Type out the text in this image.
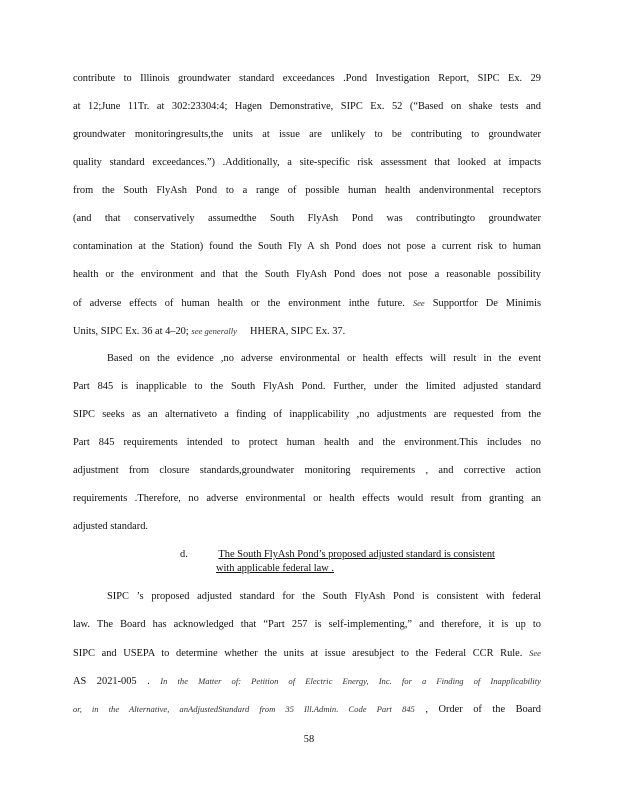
contribute to Illinois groundwater standard exceedances .Pond Investigation Report, SIPC Ex. 29
at 12;June 11Tr. at 302:23304:4; Hagen Demonstrative, SIPC Ex. 52 (“Based on shake tests and
groundwater monitoringresults,the units at issue are unlikely to be contributing to groundwater
quality standard exceedances.”) .Additionally, a site-specific risk assessment that looked at impacts
from the South FlyAsh Pond to a range of possible human health andenvironmental receptors
(and that conservatively assumedthe South FlyAsh Pond was contributingto groundwater
contamination at the Station) found the South Fly A sh Pond does not pose a current risk to human
health or the environment and that the South FlyAsh Pond does not pose a reasonable possibility
of adverse effects of human health or the environment inthe future. See Supportfor De Minimis
Units, SIPC Ex. 36 at 4–20; see generally HHERA, SIPC Ex. 37.
Based on the evidence ,no adverse environmental or health effects will result in the event
Part 845 is inapplicable to the South FlyAsh Pond. Further, under the limited adjusted standard
SIPC seeks as an alternativeto a finding of inapplicability ,no adjustments are requested from the
Part 845 requirements intended to protect human health and the environment.This includes no
adjustment from closure standards,groundwater monitoring requirements , and corrective action
requirements .Therefore, no adverse environmental or health effects would result from granting an
adjusted standard.
d.	The South FlyAsh Pond’s proposed adjusted standard is consistent
with applicable federal law .
SIPC ’s proposed adjusted standard for the South FlyAsh Pond is consistent with federal
law. The Board has acknowledged that “Part 257 is self-implementing,” and therefore, it is up to
SIPC and USEPA to determine whether the units at issue aresubject to the Federal CCR Rule. See
AS 2021-005 . In the Matter of: Petition of Electric Energy, Inc. for a Finding of Inapplicability
or, in the Alternative, anAdjustedStandard from 35 Ill.Admin. Code Part 845 , Order of the Board
58
